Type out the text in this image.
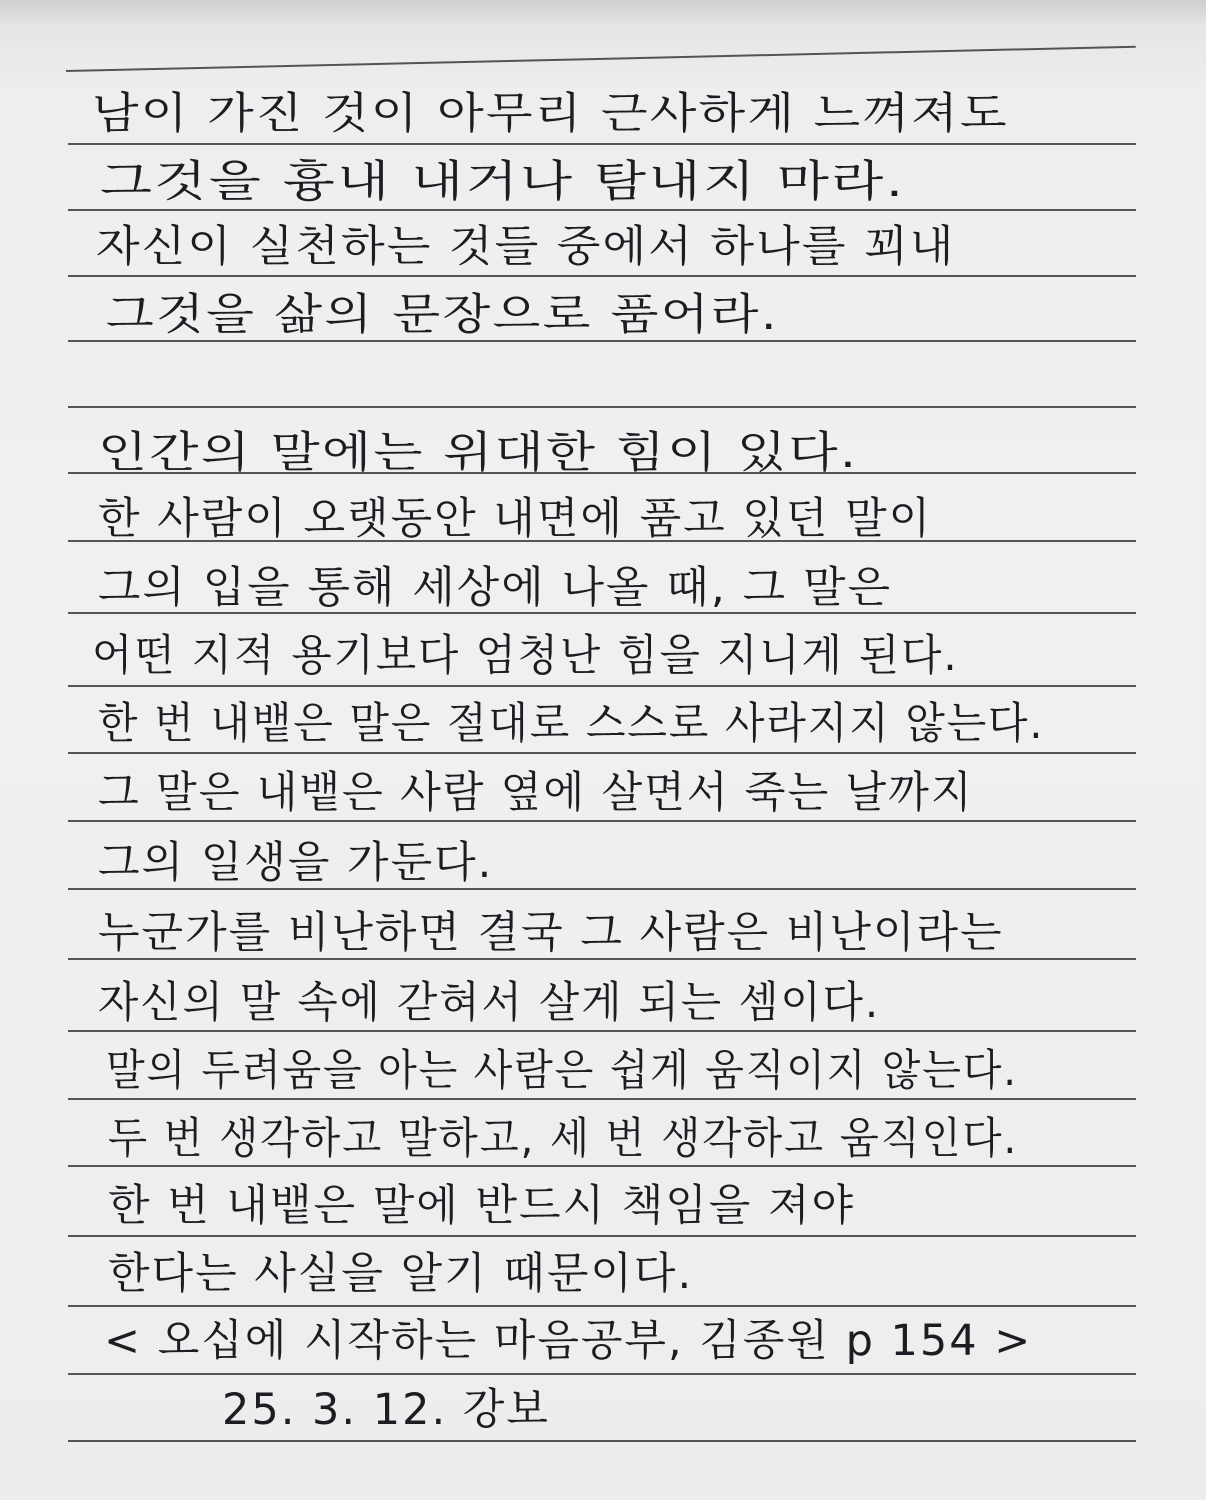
남이 가진 것이 아무리 근사하게 느껴져도
그것을 흉내 내거나 탐내지 마라.
자신이 실천하는 것들 중에서 하나를 꾀내
그것을 삶의 문장으로 품어라.
인간의 말에는 위대한 힘이 있다.
한 사람이 오랫동안 내면에 품고 있던 말이
그의 입을 통해 세상에 나올 때, 그 말은
어떤 지적 용기보다 엄청난 힘을 지니게 된다.
한 번 내뱉은 말은 절대로 스스로 사라지지 않는다.
그 말은 내뱉은 사람 옆에 살면서 죽는 날까지
그의 일생을 가둔다.
누군가를 비난하면 결국 그 사람은 비난이라는
자신의 말 속에 갇혀서 살게 되는 셈이다.
말의 두려움을 아는 사람은 쉽게 움직이지 않는다.
두 번 생각하고 말하고, 세 번 생각하고 움직인다.
한 번 내뱉은 말에 반드시 책임을 져야
한다는 사실을 알기 때문이다.
< 오십에 시작하는 마음공부, 김종원 p 154 >
25. 3. 12. 강보
